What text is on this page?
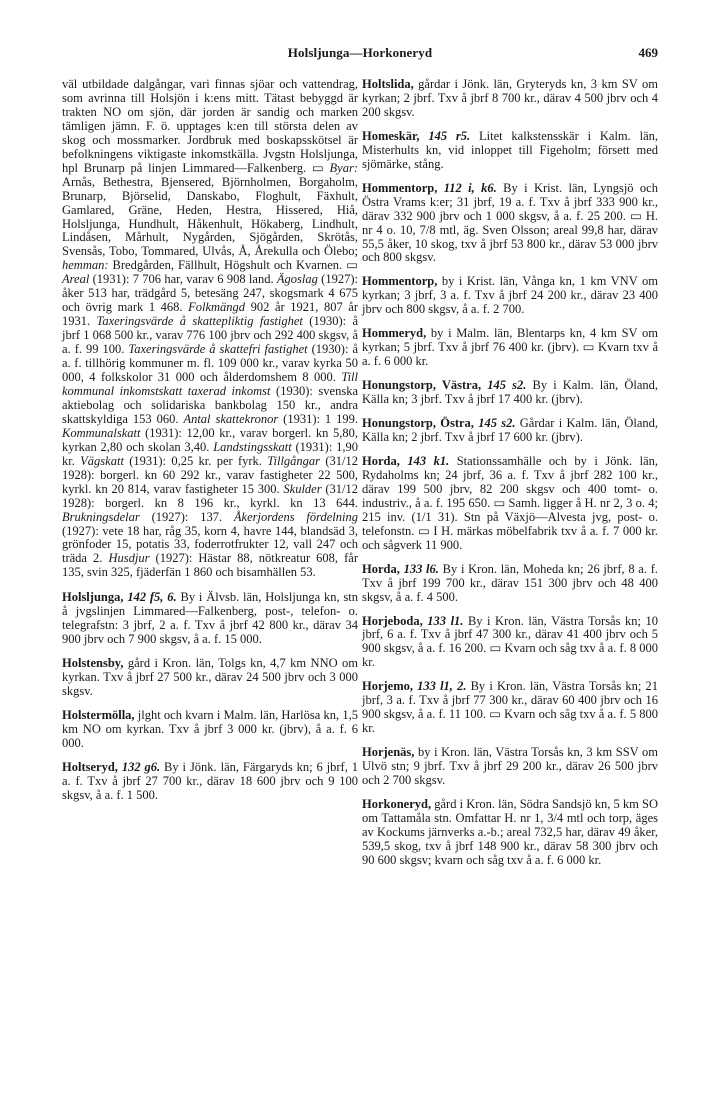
Holsljunga—Horkoneryd	469

väl utbildade dalgångar, vari finnas sjöar och vattendrag, som avrinna till Holsjön i k:ens mitt. Tätast bebyggd är trakten NO om sjön, där jorden är sandig och marken tämligen jämn. F. ö. upptages k:en till största delen av skog och mossmarker. Jordbruk med boskapsskötsel är befolkningens viktigaste inkomstkälla. Jvgstn Holsljunga, hpl Brunarp på linjen Limmared—Falkenberg. ▭ Byar: Arnås, Bethestra, Bjensered, Björnholmen, Borgaholm, Brunarp, Björselid, Danskabo, Floghult, Fäxhult, Gamlared, Gräne, Heden, Hestra, Hissered, Hiå, Holsljunga, Hundhult, Håkenhult, Hökaberg, Lindhult, Lindåsen, Mårhult, Nygården, Sjögården, Skrötås, Svensås, Tobo, Tommared, Ulvås, Å, Årekulla och Ölebo; hemman: Bredgården, Fällhult, Högshult och Kvarnen. ▭ Areal (1931): 7 706 har, varav 6 908 land. Ägoslag (1927): åker 513 har, trädgård 5, betesäng 247, skogsmark 4 675 och övrig mark 1 468. Folkmängd 902 år 1921, 807 år 1931. Taxeringsvärde å skattepliktig fastighet (1930): å jbrf 1 068 500 kr., varav 776 100 jbrv och 292 400 skgsv, å a. f. 99 100. Taxeringsvärde å skattefri fastighet (1930): å a. f. tillhörig kommuner m. fl. 109 000 kr., varav kyrka 50 000, 4 folkskolor 31 000 och ålderdomshem 8 000. Till kommunal inkomstskatt taxerad inkomst (1930): svenska aktiebolag och solidariska bankbolag 150 kr., andra skattskyldiga 153 060. Antal skattekronor (1931): 1 199. Kommunalskatt (1931): 12,00 kr., varav borgerl. kn 5,80, kyrkan 2,80 och skolan 3,40. Landstingsskatt (1931): 1,90 kr. Vägskatt (1931): 0,25 kr. per fyrk. Tillgångar (31/12 1928): borgerl. kn 60 292 kr., varav fastigheter 22 500, kyrkl. kn 20 814, varav fastigheter 15 300. Skulder (31/12 1928): borgerl. kn 8 196 kr., kyrkl. kn 13 644. Brukningsdelar (1927): 137. Åkerjordens fördelning (1927): vete 18 har, råg 35, korn 4, havre 144, blandsäd 3, grönfoder 15, potatis 33, foderrotfrukter 12, vall 247 och träda 2. Husdjur (1927): Hästar 88, nötkreatur 608, får 135, svin 325, fjäderfän 1 860 och bisamhällen 53.

Holsljunga, 142 f5, 6. By i Älvsb. län, Holsljunga kn, stn å jvgslinjen Limmared—Falkenberg, post-, telefon- o. telegrafstn: 3 jbrf, 2 a. f. Txv å jbrf 42 800 kr., därav 34 900 jbrv och 7 900 skgsv, å a. f. 15 000.

Holstensby, gård i Kron. län, Tolgs kn, 4,7 km NNO om kyrkan. Txv å jbrf 27 500 kr., därav 24 500 jbrv och 3 000 skgsv.

Holstermölla, jlght och kvarn i Malm. län, Harlösa kn, 1,5 km NO om kyrkan. Txv å jbrf 3 000 kr. (jbrv), å a. f. 6 000.

Holtseryd, 132 g6. By i Jönk. län, Färgaryds kn; 6 jbrf, 1 a. f. Txv å jbrf 27 700 kr., därav 18 600 jbrv och 9 100 skgsv, å a. f. 1 500.

Holtslida, gårdar i Jönk. län, Gryteryds kn, 3 km SV om kyrkan; 2 jbrf. Txv å jbrf 8 700 kr., därav 4 500 jbrv och 4 200 skgsv.

Homeskär, 145 r5. Litet kalkstensskär i Kalm. län, Misterhults kn, vid inloppet till Figeholm; försett med sjömärke, stång.

Hommentorp, 112 i, k6. By i Krist. län, Lyngsjö och Östra Vrams k:er; 31 jbrf, 19 a. f. Txv å jbrf 333 900 kr., därav 332 900 jbrv och 1 000 skgsv, å a. f. 25 200. ▭ H. nr 4 o. 10, 7/8 mtl, äg. Sven Olsson; areal 99,8 har, därav 55,5 åker, 10 skog, txv å jbrf 53 800 kr., därav 53 000 jbrv och 800 skgsv.

Hommentorp, by i Krist. län, Vånga kn, 1 km VNV om kyrkan; 3 jbrf, 3 a. f. Txv å jbrf 24 200 kr., därav 23 400 jbrv och 800 skgsv, å a. f. 2 700.

Hommeryd, by i Malm. län, Blentarps kn, 4 km SV om kyrkan; 5 jbrf. Txv å jbrf 76 400 kr. (jbrv). ▭ Kvarn txv å a. f. 6 000 kr.

Honungstorp, Västra, 145 s2. By i Kalm. län, Öland, Källa kn; 3 jbrf. Txv å jbrf 17 400 kr. (jbrv).

Honungstorp, Östra, 145 s2. Gårdar i Kalm. län, Öland, Källa kn; 2 jbrf. Txv å jbrf 17 600 kr. (jbrv).

Horda, 143 k1. Stationssamhälle och by i Jönk. län, Rydaholms kn; 24 jbrf, 36 a. f. Txv å jbrf 282 100 kr., därav 199 500 jbrv, 82 200 skgsv och 400 tomt- o. industriv., å a. f. 195 650. ▭ Samh. ligger å H. nr 2, 3 o. 4; 215 inv. (1/1 31). Stn på Växjö—Alvesta jvg, post- o. telefonstn. ▭ I H. märkas möbelfabrik txv å a. f. 7 000 kr. och sågverk 11 900.

Horda, 133 l6. By i Kron. län, Moheda kn; 26 jbrf, 8 a. f. Txv å jbrf 199 700 kr., därav 151 300 jbrv och 48 400 skgsv, å a. f. 4 500.

Horjeboda, 133 l1. By i Kron. län, Västra Torsås kn; 10 jbrf, 6 a. f. Txv å jbrf 47 300 kr., därav 41 400 jbrv och 5 900 skgsv, å a. f. 16 200. ▭ Kvarn och såg txv å a. f. 8 000 kr.

Horjemo, 133 l1, 2. By i Kron. län, Västra Torsås kn; 21 jbrf, 3 a. f. Txv å jbrf 77 300 kr., därav 60 400 jbrv och 16 900 skgsv, å a. f. 11 100. ▭ Kvarn och såg txv å a. f. 5 800 kr.

Horjenäs, by i Kron. län, Västra Torsås kn, 3 km SSV om Ulvö stn; 9 jbrf. Txv å jbrf 29 200 kr., därav 26 500 jbrv och 2 700 skgsv.

Horkoneryd, gård i Kron. län, Södra Sandsjö kn, 5 km SO om Tattamåla stn. Omfattar H. nr 1, 3/4 mtl och torp, äges av Kockums järnverks a.-b.; areal 732,5 har, därav 49 åker, 539,5 skog, txv å jbrf 148 900 kr., därav 58 300 jbrv och 90 600 skgsv; kvarn och såg txv å a. f. 6 000 kr.
